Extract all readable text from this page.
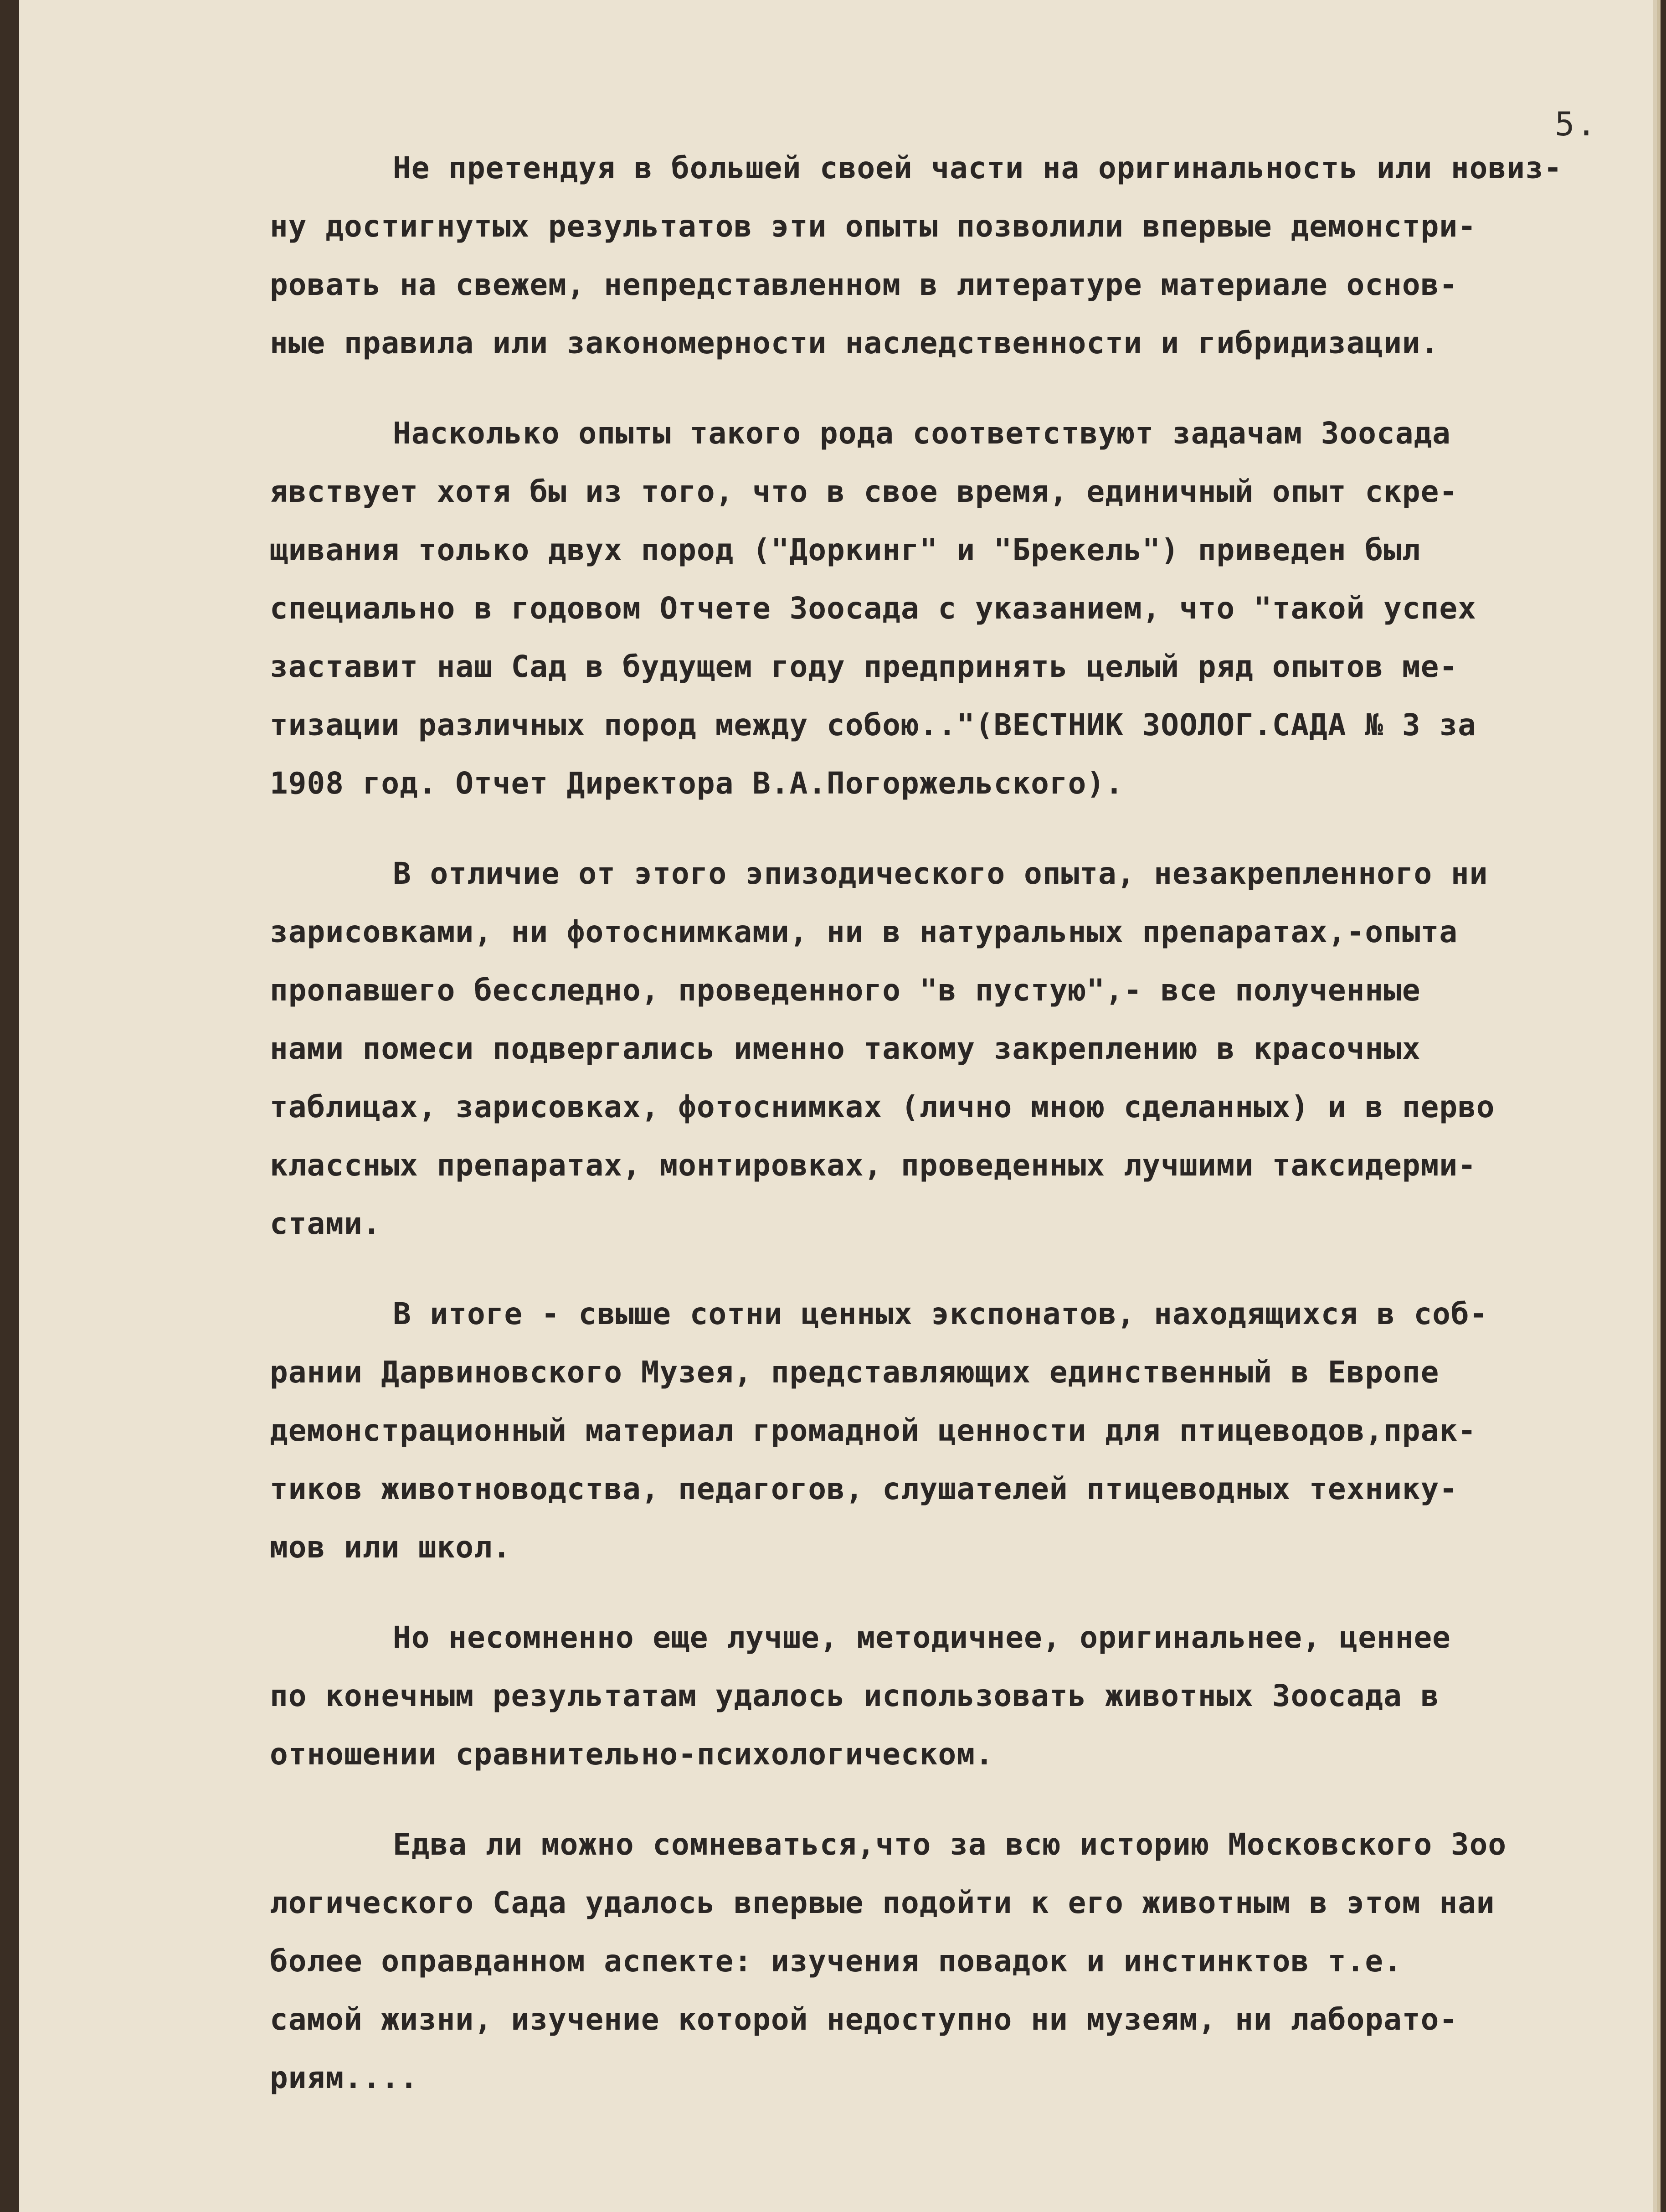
5.
Не претендуя в большей своей части на оригинальность или новиз-
ну достигнутых результатов эти опыты позволили впервые демонстри-
ровать на свежем, непредставленном в литературе материале основ-
ные правила или закономерности наследственности и гибридизации.
Насколько опыты такого рода соответствуют задачам Зоосада
явствует хотя бы из того, что в свое время, единичный опыт скре-
щивания только двух пород ("Доркинг" и "Брекель") приведен был
специально в годовом Отчете Зоосада с указанием, что "такой успех
заставит наш Сад в будущем году предпринять целый ряд опытов ме-
тизации различных пород между собою.."(ВЕСТНИК ЗООЛОГ.САДА № 3 за
1908 год. Отчет Директора В.А.Погоржельского).
В отличие от этого эпизодического опыта, незакрепленного ни
зарисовками, ни фотоснимками, ни в натуральных препаратах,-опыта
пропавшего бесследно, проведенного "в пустую",- все полученные
нами помеси подвергались именно такому закреплению в красочных
таблицах, зарисовках, фотоснимках (лично мною сделанных) и в перво
классных препаратах, монтировках, проведенных лучшими таксидерми-
стами.
В итоге - свыше сотни ценных экспонатов, находящихся в соб-
рании Дарвиновского Музея, представляющих единственный в Европе
демонстрационный материал громадной ценности для птицеводов,прак-
тиков животноводства, педагогов, слушателей птицеводных технику-
мов или школ.
Но несомненно еще лучше, методичнее, оригинальнее, ценнее
по конечным результатам удалось использовать животных Зоосада в
отношении сравнительно-психологическом.
Едва ли можно сомневаться,что за всю историю Московского Зоо
логического Сада удалось впервые подойти к его животным в этом наи
более оправданном аспекте: изучения повадок и инстинктов т.е.
самой жизни, изучение которой недоступно ни музеям, ни лаборато-
риям....
